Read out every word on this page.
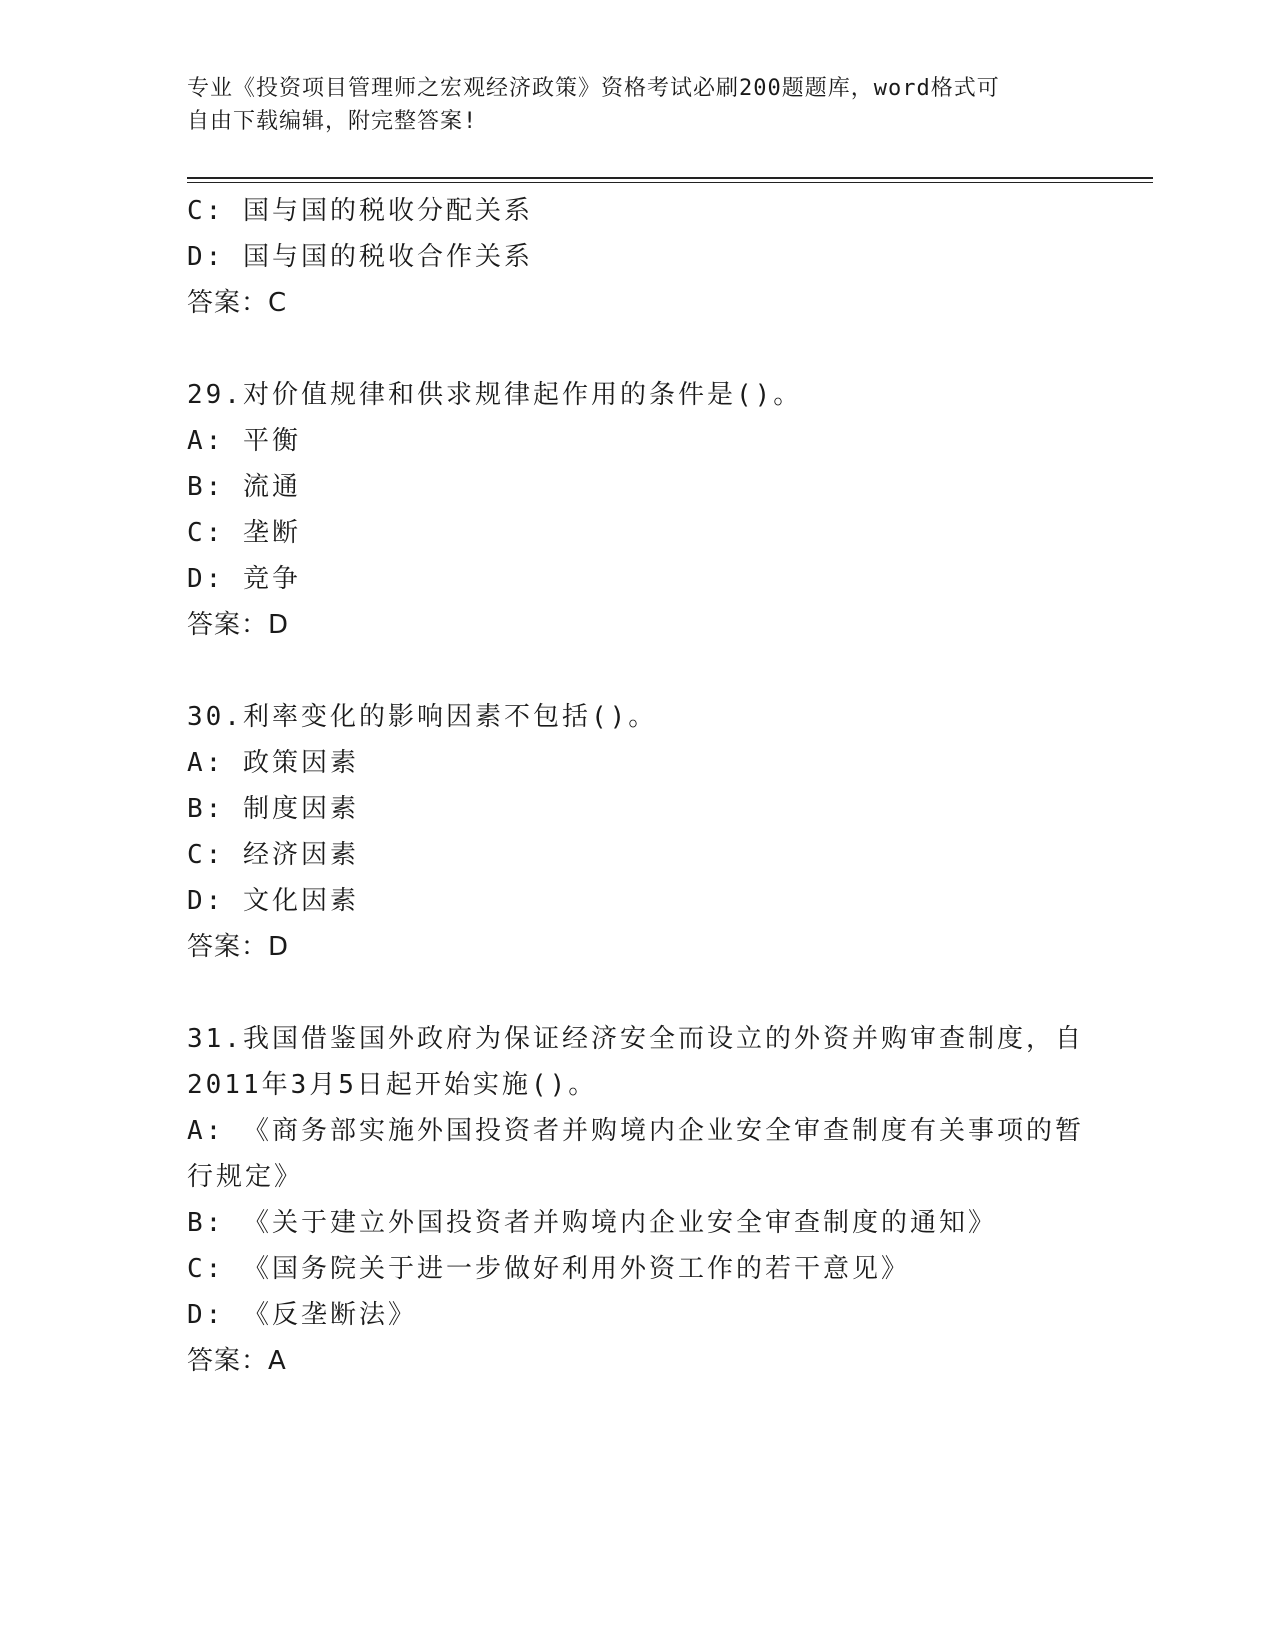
专业《投资项目管理师之宏观经济政策》资格考试必刷200题题库，word格式可
自由下载编辑，附完整答案!
C: 国与国的税收分配关系
D: 国与国的税收合作关系
答案：C
29.对价值规律和供求规律起作用的条件是()。
A: 平衡
B: 流通
C: 垄断
D: 竞争
答案：D
30.利率变化的影响因素不包括()。
A: 政策因素
B: 制度因素
C: 经济因素
D: 文化因素
答案：D
31.我国借鉴国外政府为保证经济安全而设立的外资并购审查制度，自
2011年3月5日起开始实施()。
A: 《商务部实施外国投资者并购境内企业安全审查制度有关事项的暂
行规定》
B: 《关于建立外国投资者并购境内企业安全审查制度的通知》
C: 《国务院关于进一步做好利用外资工作的若干意见》
D: 《反垄断法》
答案：A
